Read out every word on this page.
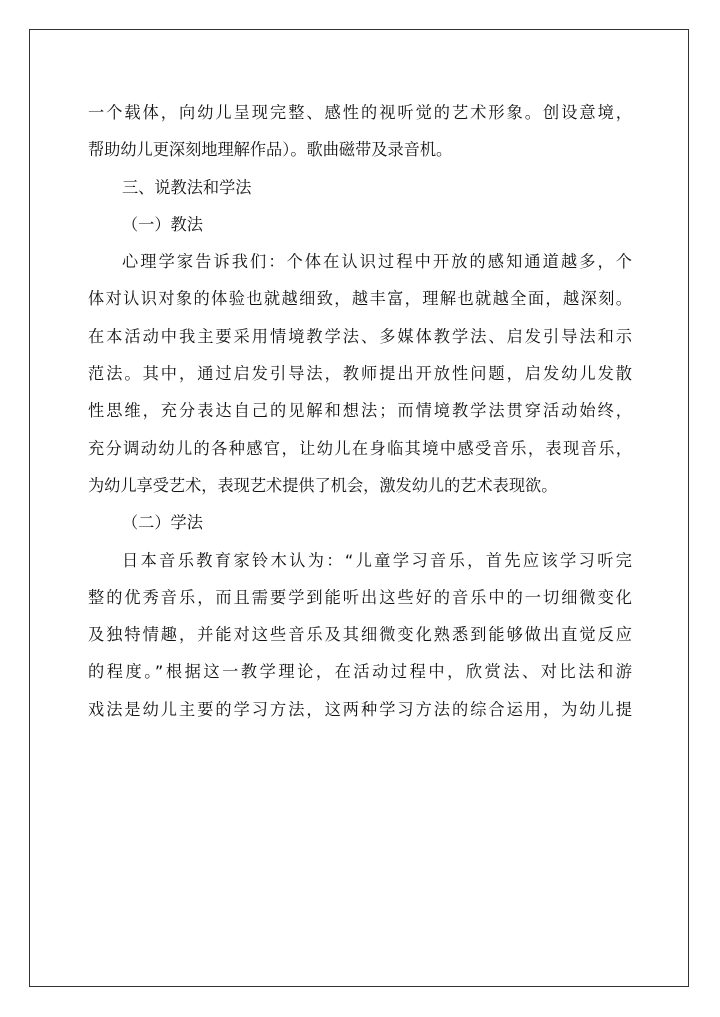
一个载体，向幼儿呈现完整、感性的视听觉的艺术形象。创设意境，
帮助幼儿更深刻地理解作品）。歌曲磁带及录音机。
三、说教法和学法
（一）教法
心理学家告诉我们：个体在认识过程中开放的感知通道越多，个
体对认识对象的体验也就越细致，越丰富，理解也就越全面，越深刻。
在本活动中我主要采用情境教学法、多媒体教学法、启发引导法和示
范法。其中，通过启发引导法，教师提出开放性问题，启发幼儿发散
性思维，充分表达自己的见解和想法；而情境教学法贯穿活动始终，
充分调动幼儿的各种感官，让幼儿在身临其境中感受音乐，表现音乐，
为幼儿享受艺术，表现艺术提供了机会，激发幼儿的艺术表现欲。
（二）学法
日本音乐教育家铃木认为：“儿童学习音乐，首先应该学习听完
整的优秀音乐，而且需要学到能听出这些好的音乐中的一切细微变化
及独特情趣，并能对这些音乐及其细微变化熟悉到能够做出直觉反应
的程度。”根据这一教学理论，在活动过程中，欣赏法、对比法和游
戏法是幼儿主要的学习方法，这两种学习方法的综合运用，为幼儿提
